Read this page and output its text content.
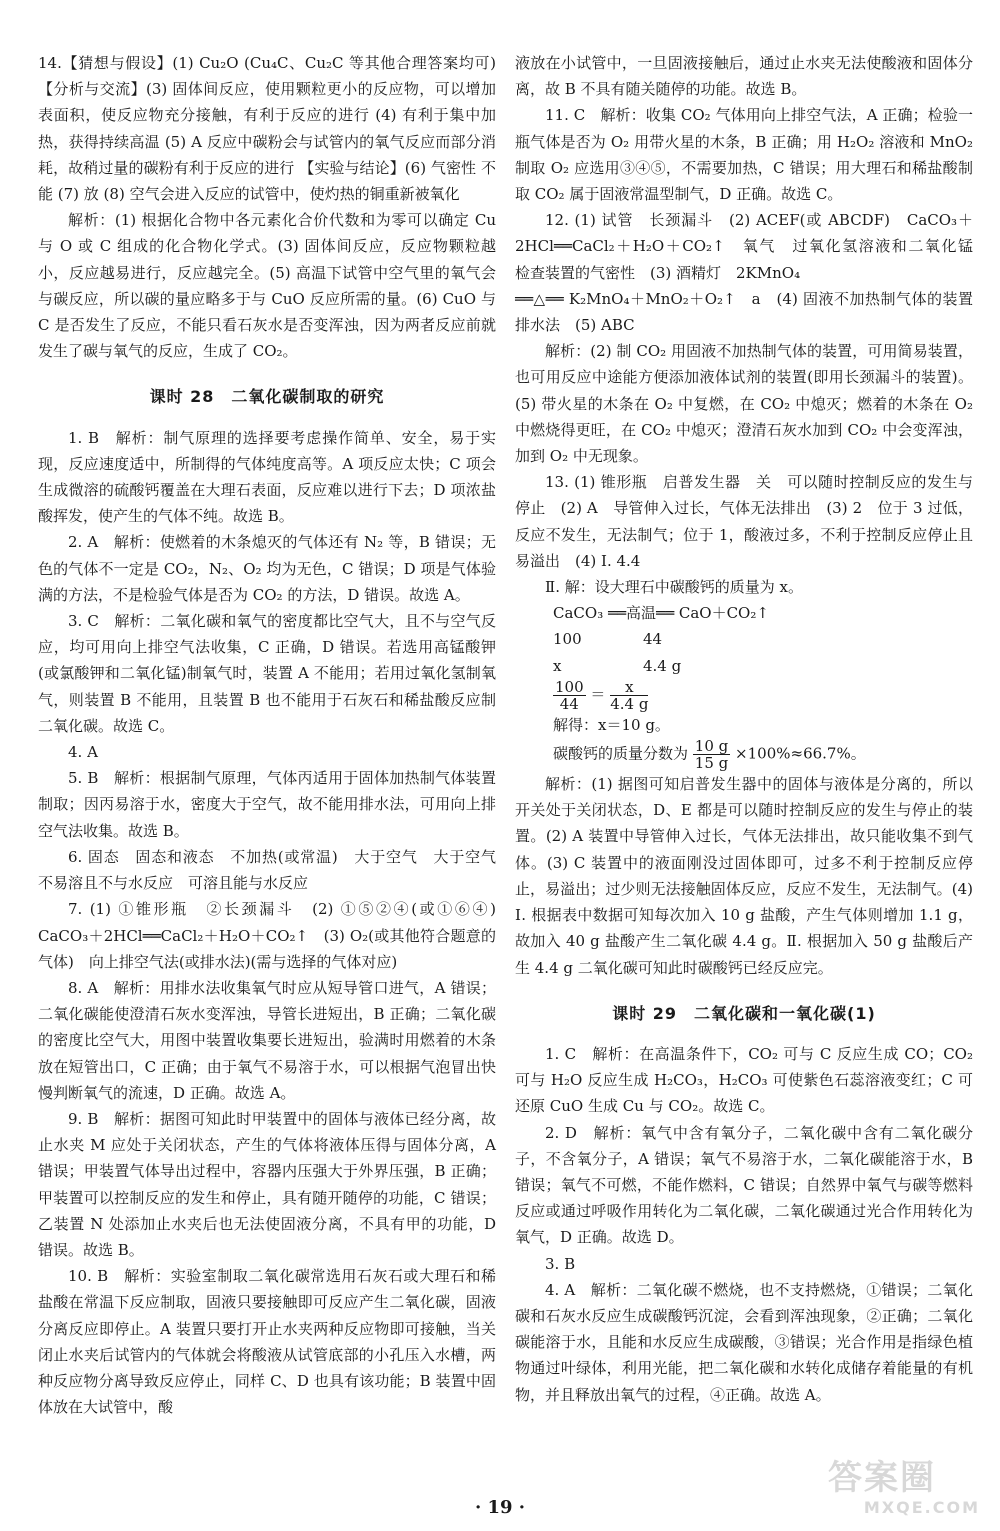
14.【猜想与假设】(1) Cu₂O (Cu₄C、Cu₂C 等其他合理答案均可) 【分析与交流】(3) 固体间反应，使用颗粒更小的反应物，可以增加表面积，使反应物充分接触，有利于反应的进行 (4) 有利于集中加热，获得持续高温 (5) A 反应中碳粉会与试管内的氧气反应而部分消耗，故稍过量的碳粉有利于反应的进行 【实验与结论】(6) 气密性 不能 (7) 放 (8) 空气会进入反应的试管中，使灼热的铜重新被氧化

解析：(1) 根据化合物中各元素化合价代数和为零可以确定 Cu 与 O 或 C 组成的化合物化学式。(3) 固体间反应，反应物颗粒越小，反应越易进行，反应越完全。(5) 高温下试管中空气里的氧气会与碳反应，所以碳的量应略多于与 CuO 反应所需的量。(6) CuO 与 C 是否发生了反应，不能只看石灰水是否变浑浊，因为两者反应前就发生了碳与氧气的反应，生成了 CO₂。

课时 28　二氧化碳制取的研究

1. B　解析：制气原理的选择要考虑操作简单、安全，易于实现，反应速度适中，所制得的气体纯度高等。A 项反应太快；C 项会生成微溶的硫酸钙覆盖在大理石表面，反应难以进行下去；D 项浓盐酸挥发，使产生的气体不纯。故选 B。

2. A　解析：使燃着的木条熄灭的气体还有 N₂ 等，B 错误；无色的气体不一定是 CO₂，N₂、O₂ 均为无色，C 错误；D 项是气体验满的方法，不是检验气体是否为 CO₂ 的方法，D 错误。故选 A。

3. C　解析：二氧化碳和氧气的密度都比空气大，且不与空气反应，均可用向上排空气法收集，C 正确，D 错误。若选用高锰酸钾(或氯酸钾和二氧化锰)制氧气时，装置 A 不能用；若用过氧化氢制氧气，则装置 B 不能用，且装置 B 也不能用于石灰石和稀盐酸反应制二氧化碳。故选 C。

4. A

5. B　解析：根据制气原理，气体丙适用于固体加热制气体装置制取；因丙易溶于水，密度大于空气，故不能用排水法，可用向上排空气法收集。故选 B。

6. 固态　固态和液态　不加热(或常温)　大于空气　大于空气　不易溶且不与水反应　可溶且能与水反应

7. (1) ①锥形瓶　②长颈漏斗　(2) ①⑤②④(或①⑥④)　CaCO₃＋2HCl══CaCl₂＋H₂O＋CO₂↑　(3) O₂(或其他符合题意的气体)　向上排空气法(或排水法)(需与选择的气体对应)

8. A　解析：用排水法收集氧气时应从短导管口进气，A 错误；二氧化碳能使澄清石灰水变浑浊，导管长进短出，B 正确；二氧化碳的密度比空气大，用图中装置收集要长进短出，验满时用燃着的木条放在短管出口，C 正确；由于氧气不易溶于水，可以根据气泡冒出快慢判断氧气的流速，D 正确。故选 A。

9. B　解析：据图可知此时甲装置中的固体与液体已经分离，故止水夹 M 应处于关闭状态，产生的气体将液体压得与固体分离，A 错误；甲装置气体导出过程中，容器内压强大于外界压强，B 正确；甲装置可以控制反应的发生和停止，具有随开随停的功能，C 错误；乙装置 N 处添加止水夹后也无法使固液分离，不具有甲的功能，D 错误。故选 B。

10. B　解析：实验室制取二氧化碳常选用石灰石或大理石和稀盐酸在常温下反应制取，固液只要接触即可反应产生二氧化碳，固液分离反应即停止。A 装置只要打开止水夹两种反应物即可接触，当关闭止水夹后试管内的气体就会将酸液从试管底部的小孔压入水槽，两种反应物分离导致反应停止，同样 C、D 也具有该功能；B 装置中固体放在大试管中，酸

液放在小试管中，一旦固液接触后，通过止水夹无法使酸液和固体分离，故 B 不具有随关随停的功能。故选 B。

11. C　解析：收集 CO₂ 气体用向上排空气法，A 正确；检验一瓶气体是否为 O₂ 用带火星的木条，B 正确；用 H₂O₂ 溶液和 MnO₂ 制取 O₂ 应选用③④⑤，不需要加热，C 错误；用大理石和稀盐酸制取 CO₂ 属于固液常温型制气，D 正确。故选 C。

12. (1) 试管　长颈漏斗　(2) ACEF(或 ABCDF)　CaCO₃＋2HCl══CaCl₂＋H₂O＋CO₂↑　氧气　过氧化氢溶液和二氧化锰　检查装置的气密性　(3) 酒精灯　2KMnO₄

══△══ K₂MnO₄＋MnO₂＋O₂↑　a　(4) 固液不加热制气体的装置　排水法　(5) ABC

解析：(2) 制 CO₂ 用固液不加热制气体的装置，可用简易装置，也可用反应中途能方便添加液体试剂的装置(即用长颈漏斗的装置)。(5) 带火星的木条在 O₂ 中复燃，在 CO₂ 中熄灭；燃着的木条在 O₂ 中燃烧得更旺，在 CO₂ 中熄灭；澄清石灰水加到 CO₂ 中会变浑浊，加到 O₂ 中无现象。

13. (1) 锥形瓶　启普发生器　关　可以随时控制反应的发生与停止　(2) A　导管伸入过长，气体无法排出　(3) 2　位于 3 过低，反应不发生，无法制气；位于 1，酸液过多，不利于控制反应停止且易溢出　(4) Ⅰ. 4.4

Ⅱ. 解：设大理石中碳酸钙的质量为 x。

CaCO₃ ══高温══ CaO＋CO₂↑

100	44

x	4.4 g

$\frac{100}{44} = \frac{x}{4.4 g}$

解得：x＝10 g。

碳酸钙的质量分数为 $\frac{10 g}{15 g} \times 100\%\approx 66.7\%$。

解析：(1) 据图可知启普发生器中的固体与液体是分离的，所以开关处于关闭状态，D、E 都是可以随时控制反应的发生与停止的装置。(2) A 装置中导管伸入过长，气体无法排出，故只能收集不到气体。(3) C 装置中的液面刚没过固体即可，过多不利于控制反应停止，易溢出；过少则无法接触固体反应，反应不发生，无法制气。(4) Ⅰ. 根据表中数据可知每次加入 10 g 盐酸，产生气体则增加 1.1 g，故加入 40 g 盐酸产生二氧化碳 4.4 g。Ⅱ. 根据加入 50 g 盐酸后产生 4.4 g 二氧化碳可知此时碳酸钙已经反应完。

课时 29　二氧化碳和一氧化碳(1)

1. C　解析：在高温条件下，CO₂ 可与 C 反应生成 CO；CO₂ 可与 H₂O 反应生成 H₂CO₃，H₂CO₃ 可使紫色石蕊溶液变红；C 可还原 CuO 生成 Cu 与 CO₂。故选 C。

2. D　解析：氧气中含有氧分子，二氧化碳中含有二氧化碳分子，不含氧分子，A 错误；氧气不易溶于水，二氧化碳能溶于水，B 错误；氧气不可燃，不能作燃料，C 错误；自然界中氧气与碳等燃料反应或通过呼吸作用转化为二氧化碳，二氧化碳通过光合作用转化为氧气，D 正确。故选 D。

3. B

4. A　解析：二氧化碳不燃烧，也不支持燃烧，①错误；二氧化碳和石灰水反应生成碳酸钙沉淀，会看到浑浊现象，②正确；二氧化碳能溶于水，且能和水反应生成碳酸，③错误；光合作用是指绿色植物通过叶绿体，利用光能，把二氧化碳和水转化成储存着能量的有机物，并且释放出氧气的过程，④正确。故选 A。

· 19 ·
答案圈
MXQE.COM
